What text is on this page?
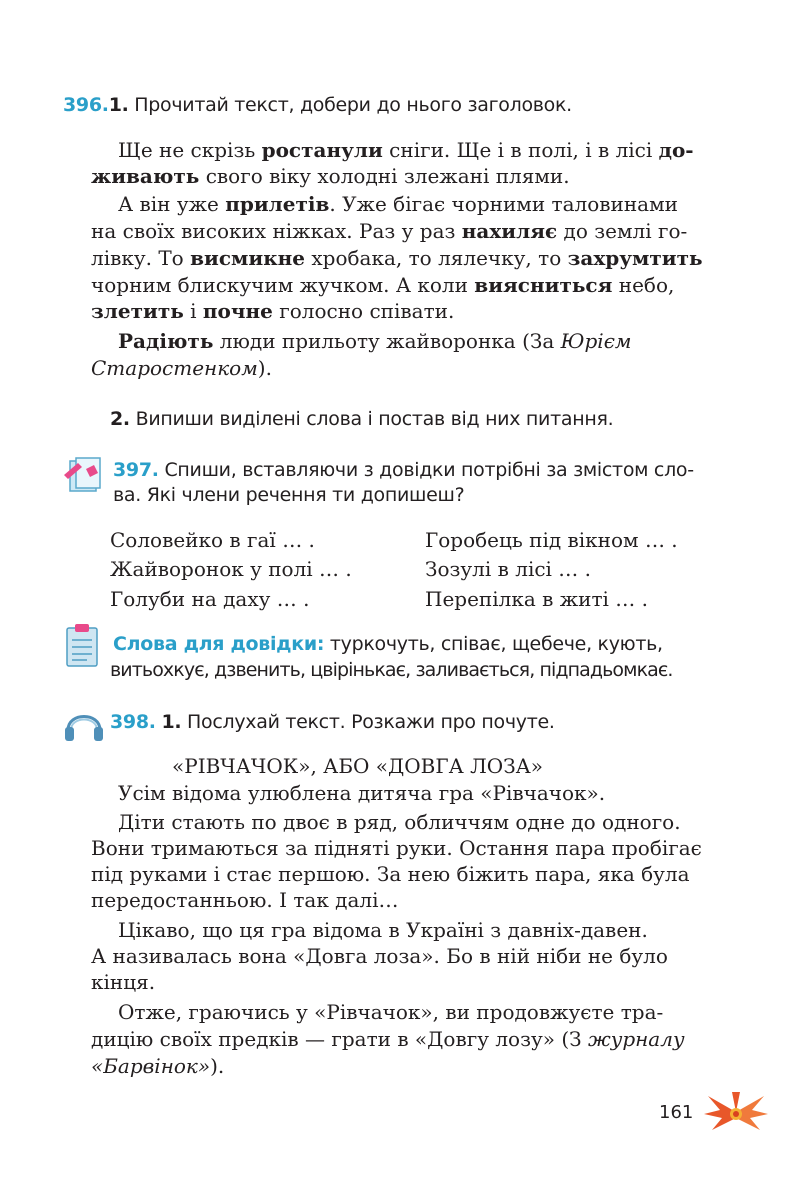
396.1. Прочитай текст, добери до нього заголовок.
Ще не скрізь ростанули сніги. Ще і в полі, і в лісі до-
живають свого віку холодні злежані плями.
А він уже прилетів. Уже бігає чорними таловинами
на своїх високих ніжках. Раз у раз нахиляє до землі го-
лівку. То висмикне хробака, то лялечку, то захрумтить
чорним блискучим жучком. А коли вияcниться небо,
злетить і почне голосно співати.
Радіють люди прильоту жайворонка (За Юрієм
Старостенком).
2. Випиши виділені слова і постав від них питання.
397. Спиши, вставляючи з довідки потрібні за змістом сло-
ва. Які члени речення ти допишеш?
Соловейко в гаї … .
Жайворонок у полі … .
Голуби на даху … .
Горобець під вікном … .
Зозулі в лісі … .
Перепілка в житі … .
Слова для довідки: туркочуть, співає, щебече, кують,
витьохкує, дзвенить, цвірінькає, заливається, підпадьомкає.
398. 1. Послухай текст. Розкажи про почуте.
«РІВЧАЧОК», АБО «ДОВГА ЛОЗА»
Усім відома улюблена дитяча гра «Рівчачок».
Діти стають по двоє в ряд, обличчям одне до одного.
Вони тримаються за підняті руки. Остання пара пробігає
під руками і стає першою. За нею біжить пара, яка була
передостанньою. І так далі…
Цікаво, що ця гра відома в Україні з давніх-давен.
А називалась вона «Довга лоза». Бо в ній ніби не було
кінця.
Отже, граючись у «Рівчачок», ви продовжуєте тра-
дицію своїх предків — грати в «Довгу лозу» (З журналу
«Барвінок»).
161
